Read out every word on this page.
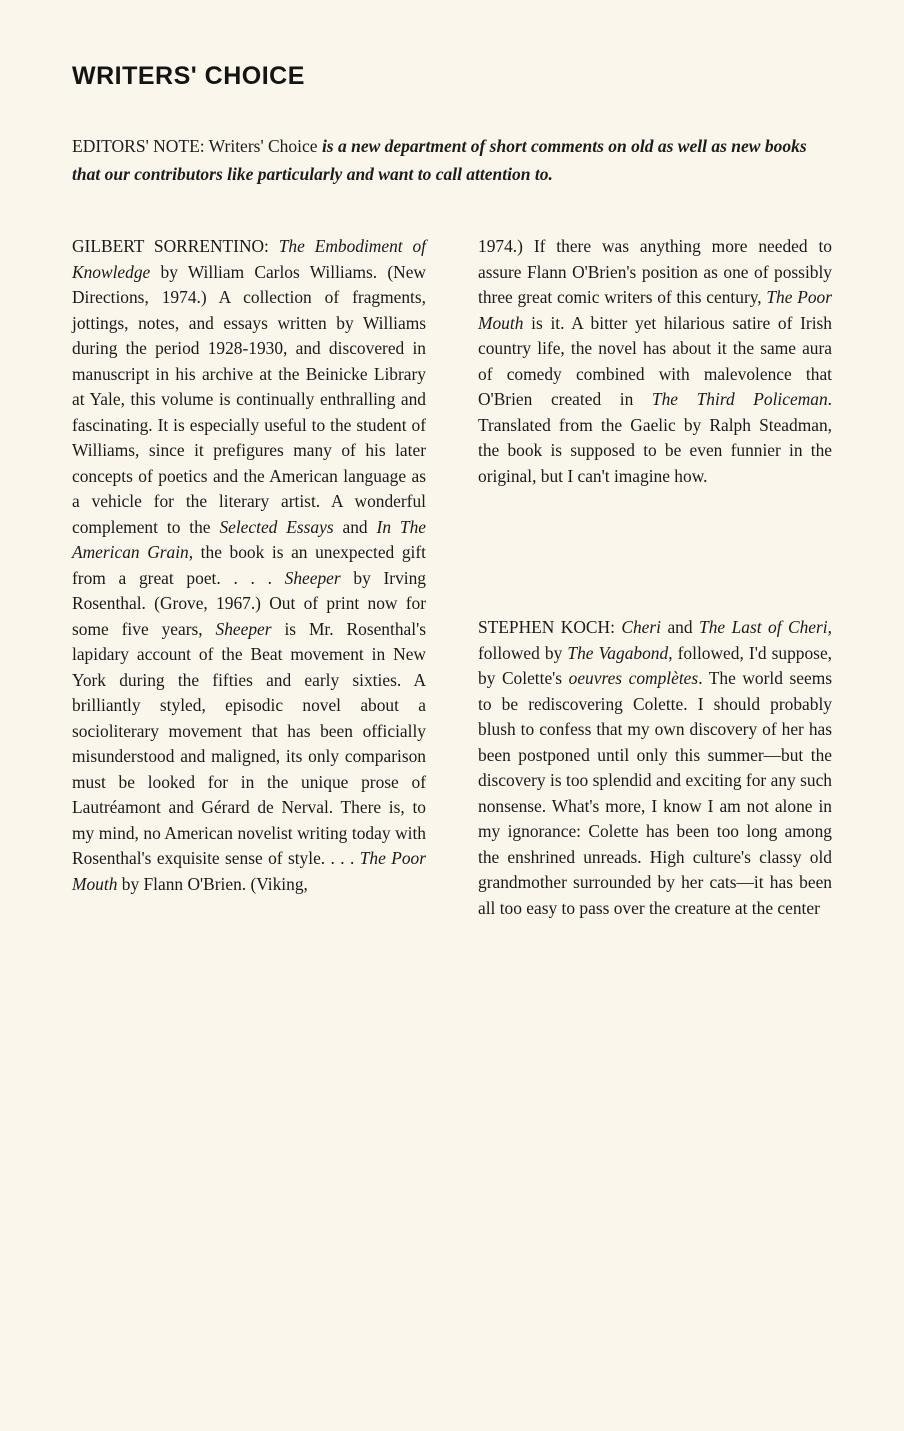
WRITERS' CHOICE

EDITORS' NOTE: Writers' Choice is a new department of short comments on old as well as new books that our contributors like particularly and want to call attention to.

GILBERT SORRENTINO: The Embodiment of Knowledge by William Carlos Williams. (New Directions, 1974.) A collection of fragments, jottings, notes, and essays written by Williams during the period 1928-1930, and discovered in manuscript in his archive at the Beinicke Library at Yale, this volume is continually enthralling and fascinating. It is especially useful to the student of Williams, since it prefigures many of his later concepts of poetics and the American language as a vehicle for the literary artist. A wonderful complement to the Selected Essays and In The American Grain, the book is an unexpected gift from a great poet. . . . Sheeper by Irving Rosenthal. (Grove, 1967.) Out of print now for some five years, Sheeper is Mr. Rosenthal's lapidary account of the Beat movement in New York during the fifties and early sixties. A brilliantly styled, episodic novel about a socioliterary movement that has been officially misunderstood and maligned, its only comparison must be looked for in the unique prose of Lautréamont and Gérard de Nerval. There is, to my mind, no American novelist writing today with Rosenthal's exquisite sense of style. . . . The Poor Mouth by Flann O'Brien. (Viking,

1974.) If there was anything more needed to assure Flann O'Brien's position as one of possibly three great comic writers of this century, The Poor Mouth is it. A bitter yet hilarious satire of Irish country life, the novel has about it the same aura of comedy combined with malevolence that O'Brien created in The Third Policeman. Translated from the Gaelic by Ralph Steadman, the book is supposed to be even funnier in the original, but I can't imagine how.

STEPHEN KOCH: Cheri and The Last of Cheri, followed by The Vagabond, followed, I'd suppose, by Colette's oeuvres complètes. The world seems to be rediscovering Colette. I should probably blush to confess that my own discovery of her has been postponed until only this summer—but the discovery is too splendid and exciting for any such nonsense. What's more, I know I am not alone in my ignorance: Colette has been too long among the enshrined unreads. High culture's classy old grandmother surrounded by her cats—it has been all too easy to pass over the creature at the center
